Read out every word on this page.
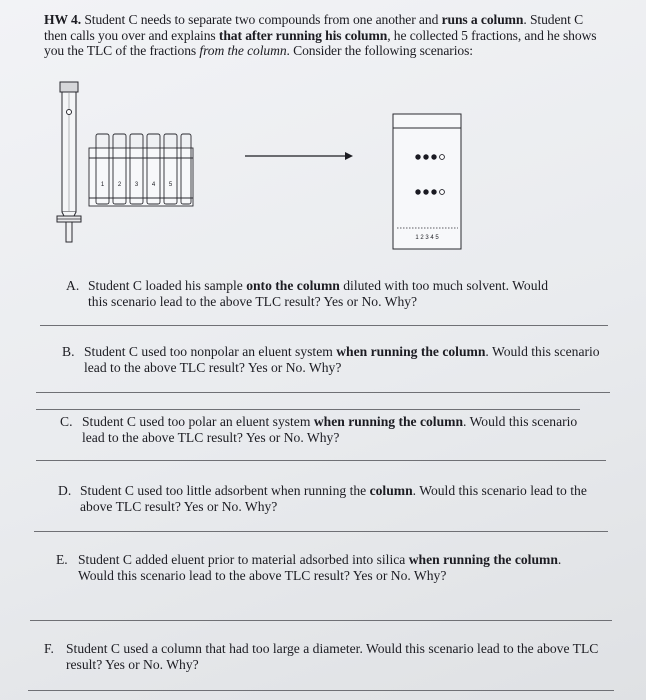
HW 4. Student C needs to separate two compounds from one another and runs a column. Student C then calls you over and explains that after running his column, he collected 5 fractions, and he shows you the TLC of the fractions from the column. Consider the following scenarios:
1 2 3 4 5
1 2 3 4 5
A. Student C loaded his sample onto the column diluted with too much solvent. Would this scenario lead to the above TLC result? Yes or No. Why?
B. Student C used too nonpolar an eluent system when running the column. Would this scenario lead to the above TLC result? Yes or No. Why?
C. Student C used too polar an eluent system when running the column. Would this scenario lead to the above TLC result? Yes or No. Why?
D. Student C used too little adsorbent when running the column. Would this scenario lead to the above TLC result? Yes or No. Why?
E. Student C added eluent prior to material adsorbed into silica when running the column. Would this scenario lead to the above TLC result? Yes or No. Why?
F. Student C used a column that had too large a diameter. Would this scenario lead to the above TLC result? Yes or No. Why?
